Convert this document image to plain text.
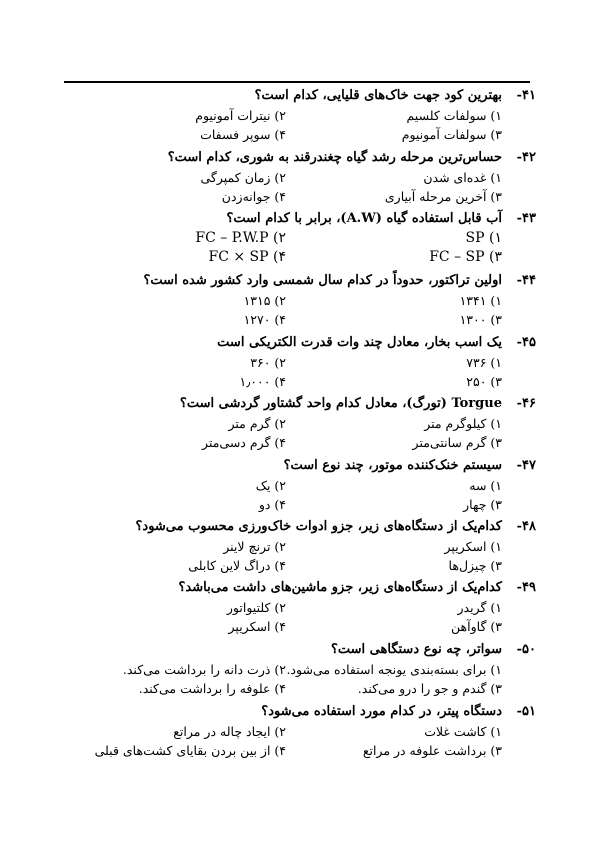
۴۱-بهترین کود جهت خاک‌های قلیایی، کدام است؟
۱) سولفات کلسیم۲) نیترات آمونیوم
۳) سولفات آمونیوم۴) سوپر فسفات
۴۲-حساس‌ترین مرحله رشد گیاه چغندرقند به شوری، کدام است؟
۱) غده‌ای شدن۲) زمان کمپرگی
۳) آخرین مرحله آبیاری۴) جوانه‌زدن
۴۳-آب قابل استفاده گیاه (A.W)، برابر با کدام است؟
SP (۱FC – P.W.P (۲
FC – SP (۳FC × SP (۴
۴۴-اولین تراکتور، حدوداً در کدام سال شمسی وارد کشور شده است؟
۱) ۱۳۴۱۲) ۱۳۱۵
۳) ۱۳۰۰۴) ۱۲۷۰
۴۵-یک اسب بخار، معادل چند وات قدرت الکتریکی است
۱) ۷۳۶۲) ۳۶۰
۳) ۲۵۰۴) ۱٫۰۰۰
۴۶-Torgue (تورگ)، معادل کدام واحد گشتاور گردشی است؟
۱) کیلوگرم متر۲) گرم متر
۳) گرم سانتی‌متر۴) گرم دسی‌متر
۴۷-سیستم خنک‌کننده موتور، چند نوع است؟
۱) سه۲) یک
۳) چهار۴) دو
۴۸-کدام‌یک از دستگاه‌های زیر، جزو ادوات خاک‌ورزی محسوب می‌شود؟
۱) اسکریپر۲) ترنچ لاینر
۳) چیزل‌ها۴) دراگ لاین کابلی
۴۹-کدام‌یک از دستگاه‌های زیر، جزو ماشین‌های داشت می‌باشد؟
۱) گریدر۲) کلتیواتور
۳) گاوآهن۴) اسکریپر
۵۰-سواتر، چه نوع دستگاهی است؟
۱) برای بسته‌بندی یونجه استفاده می‌شود.۲) ذرت دانه را برداشت می‌کند.
۳) گندم و جو را درو می‌کند.۴) علوفه را برداشت می‌کند.
۵۱-دستگاه پیتر، در کدام مورد استفاده می‌شود؟
۱) کاشت غلات۲) ایجاد چاله در مراتع
۳) برداشت علوفه در مراتع۴) از بین بردن بقایای کشت‌های قبلی
